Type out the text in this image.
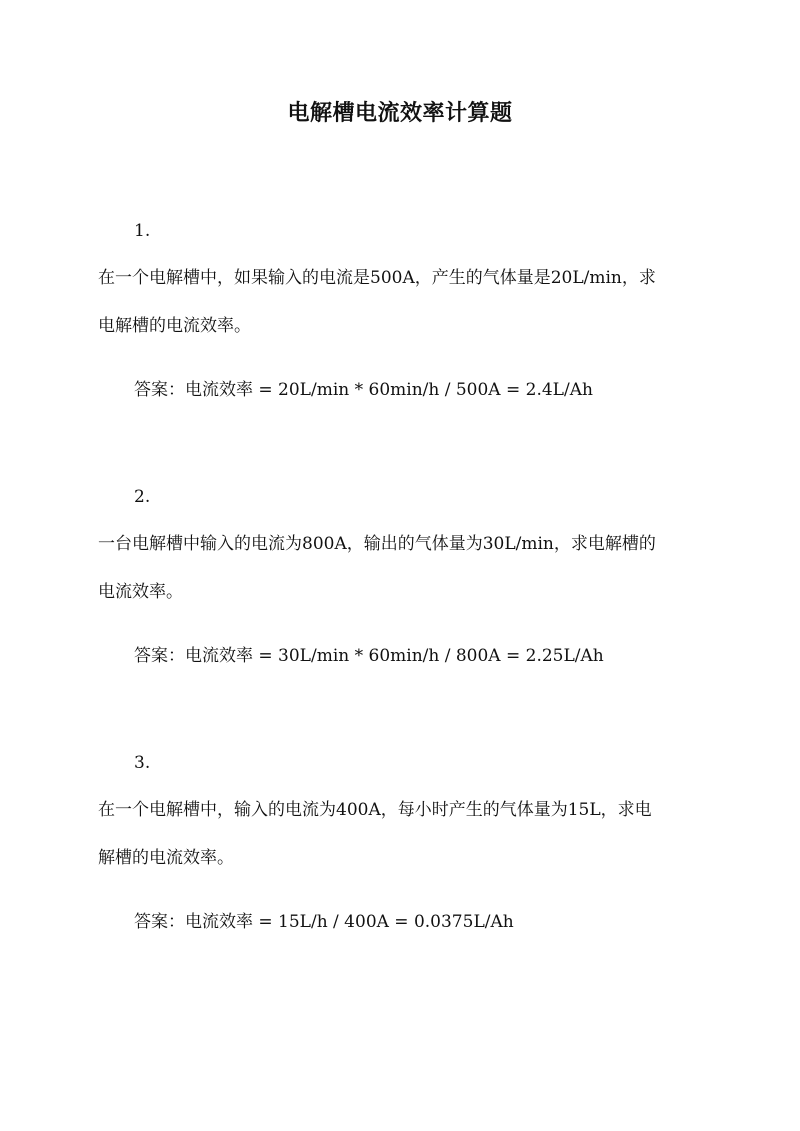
电解槽电流效率计算题
1.
在一个电解槽中，如果输入的电流是500A，产生的气体量是20L/min，求
电解槽的电流效率。
答案：电流效率 = 20L/min * 60min/h / 500A = 2.4L/Ah
2.
一台电解槽中输入的电流为800A，输出的气体量为30L/min，求电解槽的
电流效率。
答案：电流效率 = 30L/min * 60min/h / 800A = 2.25L/Ah
3.
在一个电解槽中，输入的电流为400A，每小时产生的气体量为15L，求电
解槽的电流效率。
答案：电流效率 = 15L/h / 400A = 0.0375L/Ah
